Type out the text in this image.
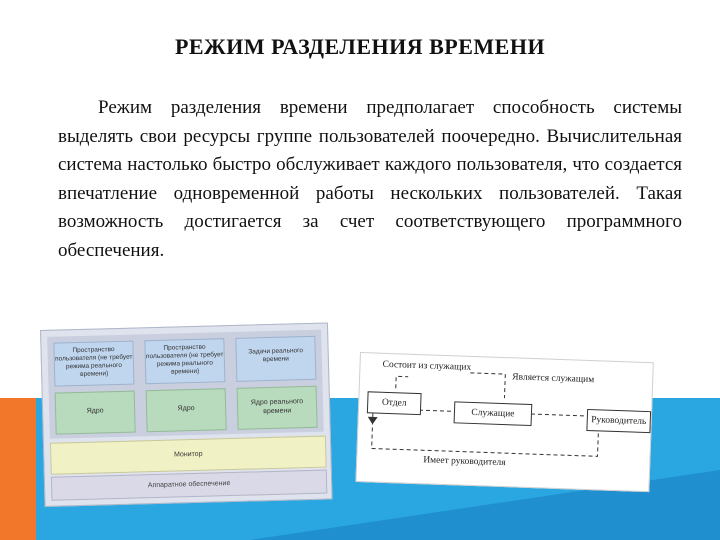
РЕЖИМ РАЗДЕЛЕНИЯ ВРЕМЕНИ
Режим разделения времени предполагает способность системы выделять свои ресурсы группе пользователей поочередно. Вычислительная система настолько быстро обслуживает каждого пользователя, что создается впечатление одновременной работы нескольких пользователей. Такая возможность достигается за счет соответствующего программного обеспечения.
Пространство пользователя (не требует режима реального времени)
Ядро
Пространство пользователя (не требует режима реального времени)
Ядро
Задачи реального времени
Ядро реального времени
Монитор
Аппаратное обеспечение
Состоит из служащих
Является служащим
Отдел
Служащие
Руководитель
Имеет руководителя
